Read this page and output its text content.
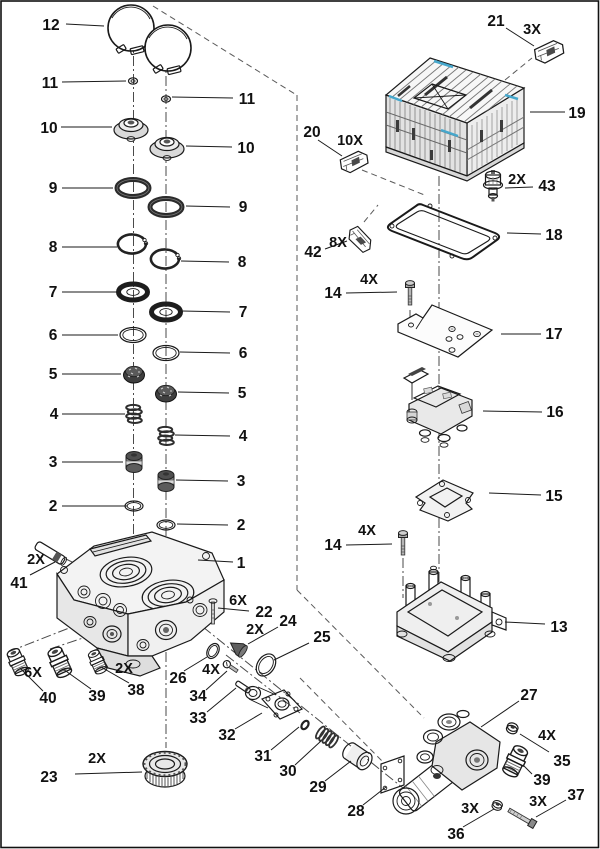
12
11
11
10
10
9
9
8
8
7
7
6
6
5
5
4
4
3
3
2
2
1
2X
41
6X
22
2X 24
25
26 4X
34
33
32
31
30
29
28
6X
40 39
2X
38
2X
23
21 3X
19
20 10X
2X 43
42
8X	18
4X
14
17
16
15
4X
14
13
27
4X
35
39
3X 37
3X
36
